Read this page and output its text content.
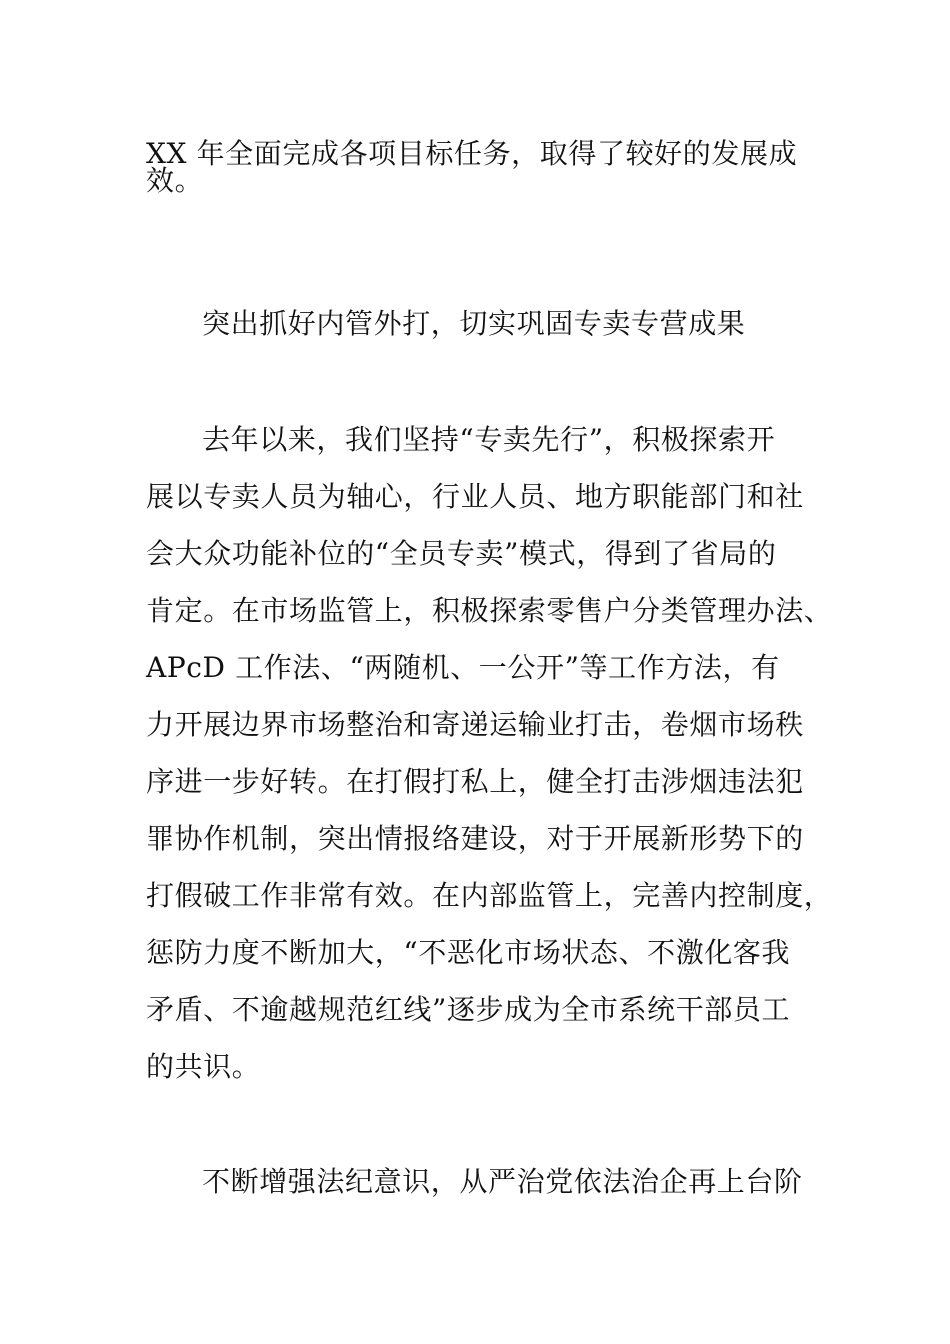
XX 年全面完成各项目标任务，取得了较好的发展成
效。
突出抓好内管外打，切实巩固专卖专营成果
去年以来，我们坚持“专卖先行”，积极探索开
展以专卖人员为轴心，行业人员、地方职能部门和社
会大众功能补位的“全员专卖”模式，得到了省局的
肯定。在市场监管上，积极探索零售户分类管理办法、
APcD 工作法、“两随机、一公开”等工作方法，有
力开展边界市场整治和寄递运输业打击，卷烟市场秩
序进一步好转。在打假打私上，健全打击涉烟违法犯
罪协作机制，突出情报络建设，对于开展新形势下的
打假破工作非常有效。在内部监管上，完善内控制度，
惩防力度不断加大，“不恶化市场状态、不激化客我
矛盾、不逾越规范红线”逐步成为全市系统干部员工
的共识。
不断增强法纪意识，从严治党依法治企再上台阶
